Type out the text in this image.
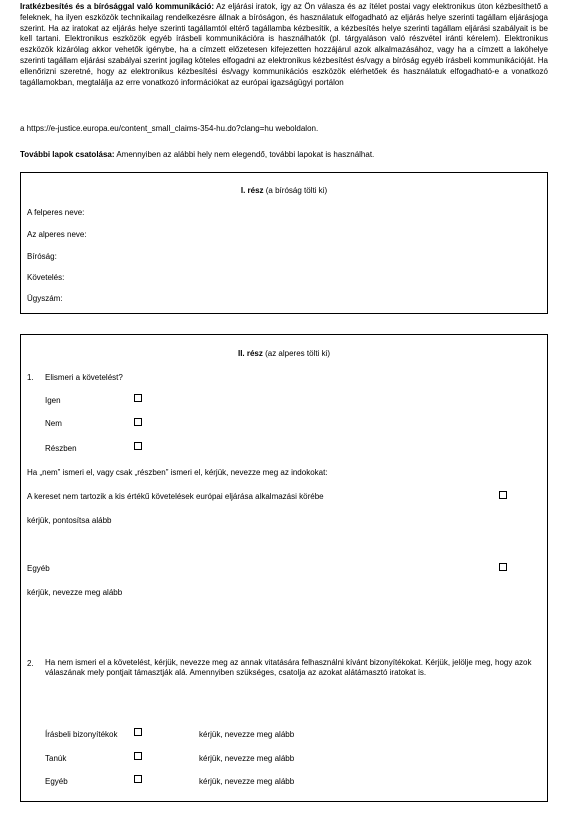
Iratkézbesítés és a bírósággal való kommunikáció: Az eljárási iratok, így az Ön válasza és az ítélet postai vagy elektronikus úton kézbesíthető a feleknek, ha ilyen eszközök technikailag rendelkezésre állnak a bíróságon, és használatuk elfogadható az eljárás helye szerinti tagállam eljárásjoga szerint. Ha az iratokat az eljárás helye szerinti tagállamtól eltérő tagállamba kézbesítik, a kézbesítés helye szerinti tagállam eljárási szabályait is be kell tartani. Elektronikus eszközök egyéb írásbeli kommunikációra is használhatók (pl. tárgyaláson való részvétel iránti kérelem). Elektronikus eszközök kizárólag akkor vehetők igénybe, ha a címzett előzetesen kifejezetten hozzájárul azok alkalmazásához, vagy ha a címzett a lakóhelye szerinti tagállam eljárási szabályai szerint jogilag köteles elfogadni az elektronikus kézbesítést és/vagy a bíróság egyéb írásbeli kommunikációját. Ha ellenőrizni szeretné, hogy az elektronikus kézbesítési és/vagy kommunikációs eszközök elérhetőek és használatuk elfogadható-e a vonatkozó tagállamokban, megtalálja az erre vonatkozó információkat az európai igazságügyi portálon
a https://e-justice.europa.eu/content_small_claims-354-hu.do?clang=hu weboldalon.
További lapok csatolása: Amennyiben az alábbi hely nem elegendő, további lapokat is használhat.
I. rész (a bíróság tölti ki)
A felperes neve:
Az alperes neve:
Bíróság:
Követelés:
Ügyszám:
II. rész (az alperes tölti ki)
1. Elismeri a követelést?
Igen
Nem
Részben
Ha „nem” ismeri el, vagy csak „részben” ismeri el, kérjük, nevezze meg az indokokat:
A kereset nem tartozik a kis értékű követelések európai eljárása alkalmazási körébe
kérjük, pontosítsa alább
Egyéb
kérjük, nevezze meg alább
2. Ha nem ismeri el a követelést, kérjük, nevezze meg az annak vitatására felhasználni kívánt bizonyítékokat. Kérjük, jelölje meg, hogy azok válaszának mely pontjait támasztják alá. Amennyiben szükséges, csatolja az azokat alátámasztó iratokat is.
Írásbeli bizonyítékok	kérjük, nevezze meg alább
Tanúk	kérjük, nevezze meg alább
Egyéb	kérjük, nevezze meg alább
